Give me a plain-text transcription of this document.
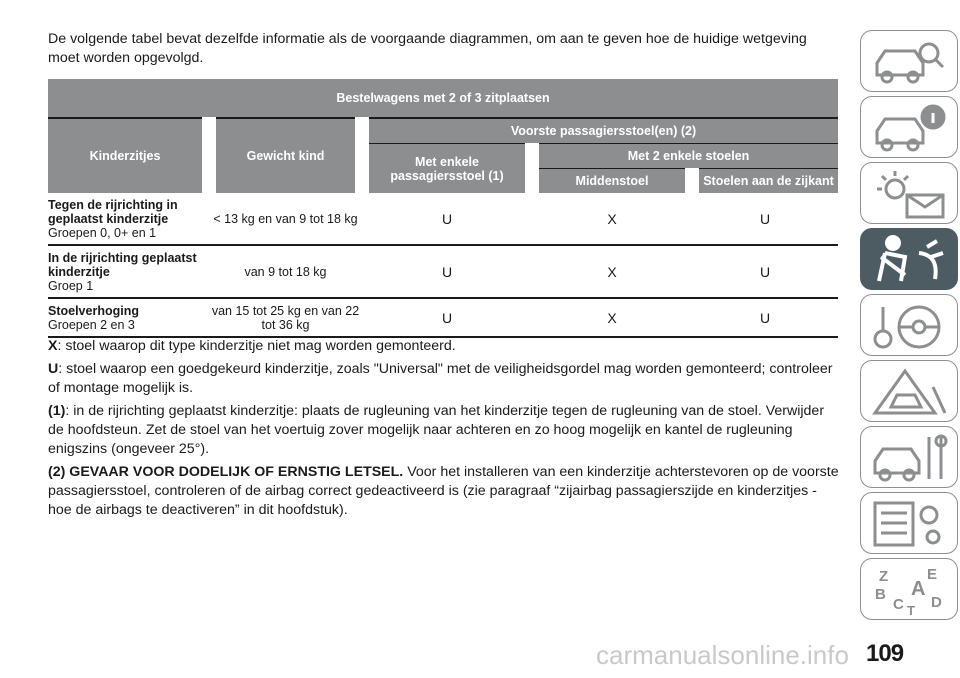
De volgende tabel bevat dezelfde informatie als de voorgaande diagrammen, om aan te geven hoe de huidige wetgeving moet worden opgevolgd.
Bestelwagens met 2 of 3 zitplaatsen				
Kinderzitjes	Gewicht kind	Voorste passagiersstoel(en) (2)		
		Met enkele passagiersstoel (1)	Met 2 enkele stoelen	
			Middenstoel	Stoelen aan de zijkant

Tegen de rijrichting in geplaatst kinderzitje
Groepen 0, 0+ en 1	< 13 kg en van 9 tot 18 kg	U	X	U

In de rijrichting geplaatst kinderzitje
Groep 1	van 9 tot 18 kg	U	X	U

Stoelverhoging
Groepen 2 en 3	van 15 tot 25 kg en van 22 tot 36 kg	U	X	U

X: stoel waarop dit type kinderzitje niet mag worden gemonteerd.

U: stoel waarop een goedgekeurd kinderzitje, zoals "Universal" met de veiligheidsgordel mag worden gemonteerd; controleer of montage mogelijk is.

(1): in de rijrichting geplaatst kinderzitje: plaats de rugleuning van het kinderzitje tegen de rugleuning van de stoel. Verwijder de hoofdsteun. Zet de stoel van het voertuig zover mogelijk naar achteren en zo hoog mogelijk en kantel de rugleuning enigszins (ongeveer 25°).

(2) GEVAAR VOOR DODELIJK OF ERNSTIG LETSEL. Voor het installeren van een kinderzitje achterstevoren op de voorste passagiersstoel, controleren of de airbag correct gedeactiveerd is (zie paragraaf “zijairbag passagierszijde en kinderzitjes - hoe de airbags te deactiveren” in dit hoofdstuk).

Z	E
A
B
C D
T
carmanualsonline.info 109
